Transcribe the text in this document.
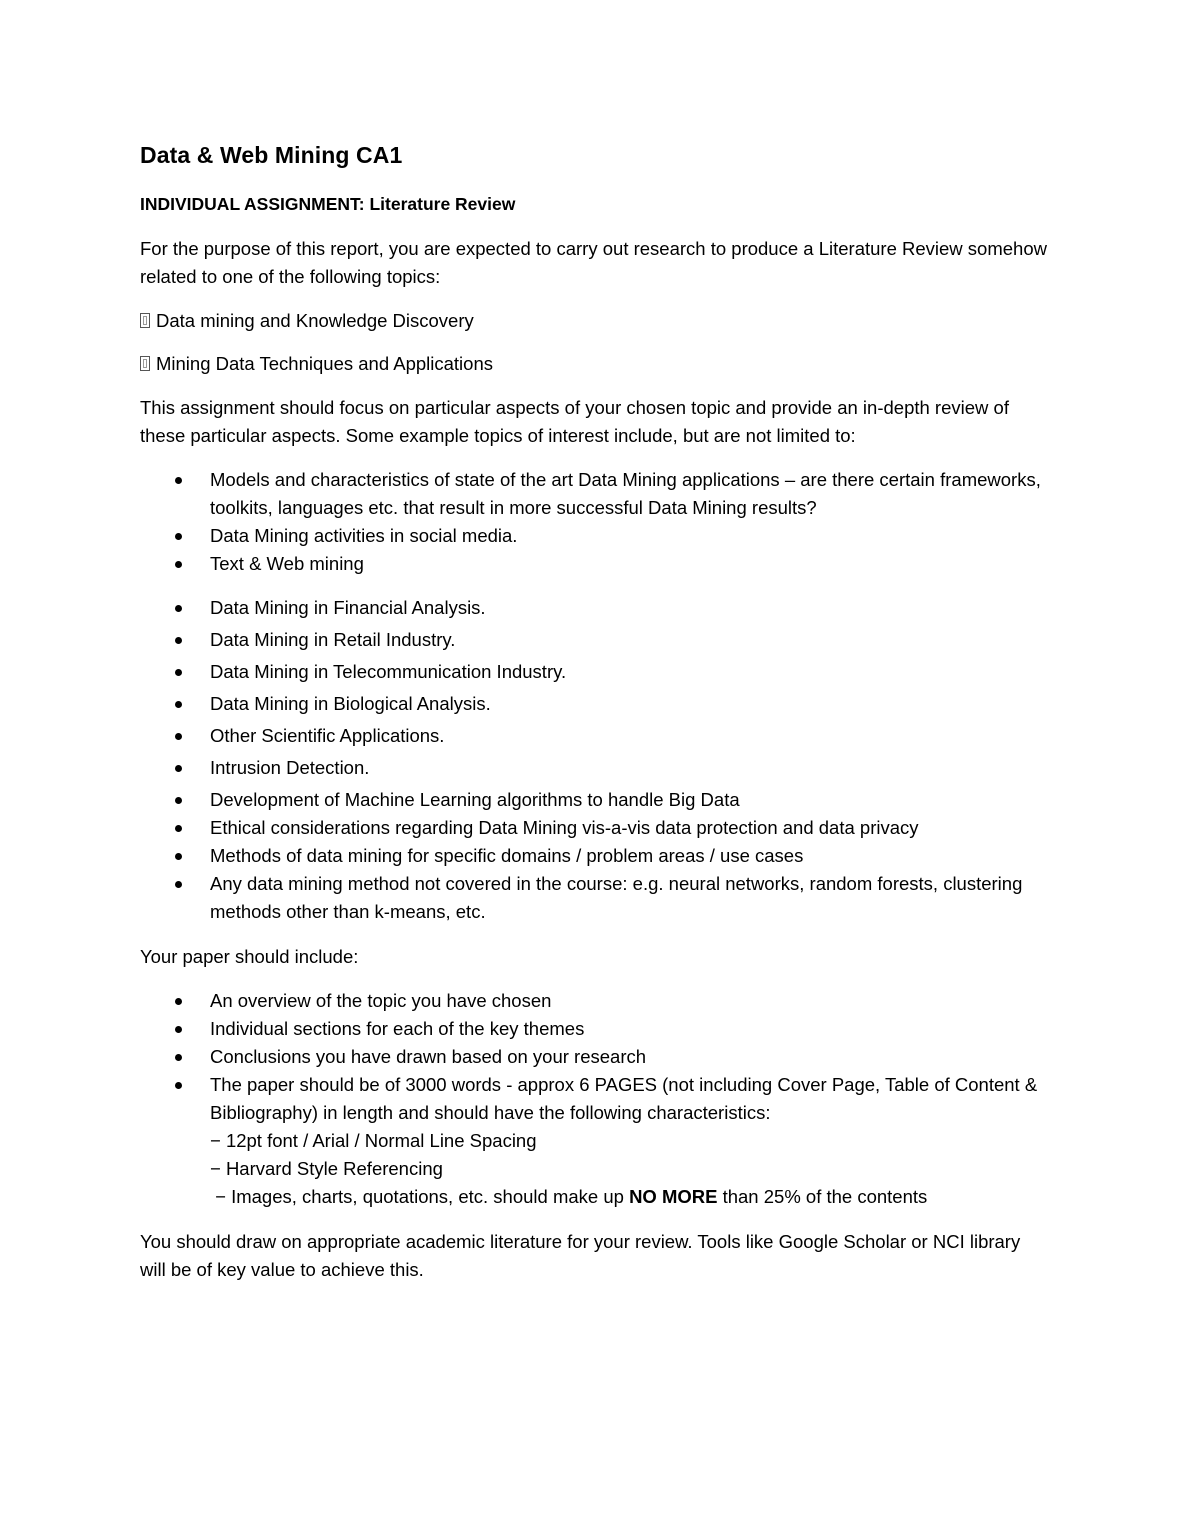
Data & Web Mining CA1
INDIVIDUAL ASSIGNMENT: Literature Review
For the purpose of this report, you are expected to carry out research to produce a Literature Review somehow related to one of the following topics:
Data mining and Knowledge Discovery
Mining Data Techniques and Applications
This assignment should focus on particular aspects of your chosen topic and provide an in-depth review of these particular aspects. Some example topics of interest include, but are not limited to:
Models and characteristics of state of the art Data Mining applications – are there certain frameworks, toolkits, languages etc. that result in more successful Data Mining results?
Data Mining activities in social media.
Text & Web mining
Data Mining in Financial Analysis.
Data Mining in Retail Industry.
Data Mining in Telecommunication Industry.
Data Mining in Biological Analysis.
Other Scientific Applications.
Intrusion Detection.
Development of Machine Learning algorithms to handle Big Data
Ethical considerations regarding Data Mining vis-a-vis data protection and data privacy
Methods of data mining for specific domains / problem areas / use cases
Any data mining method not covered in the course: e.g. neural networks, random forests, clustering methods other than k-means, etc.
Your paper should include:
An overview of the topic you have chosen
Individual sections for each of the key themes
Conclusions you have drawn based on your research
The paper should be of 3000 words - approx 6 PAGES (not including Cover Page, Table of Content & Bibliography) in length and should have the following characteristics:
− 12pt font / Arial / Normal Line Spacing
− Harvard Style Referencing
− Images, charts, quotations, etc. should make up NO MORE than 25% of the contents
You should draw on appropriate academic literature for your review. Tools like Google Scholar or NCI library will be of key value to achieve this.
